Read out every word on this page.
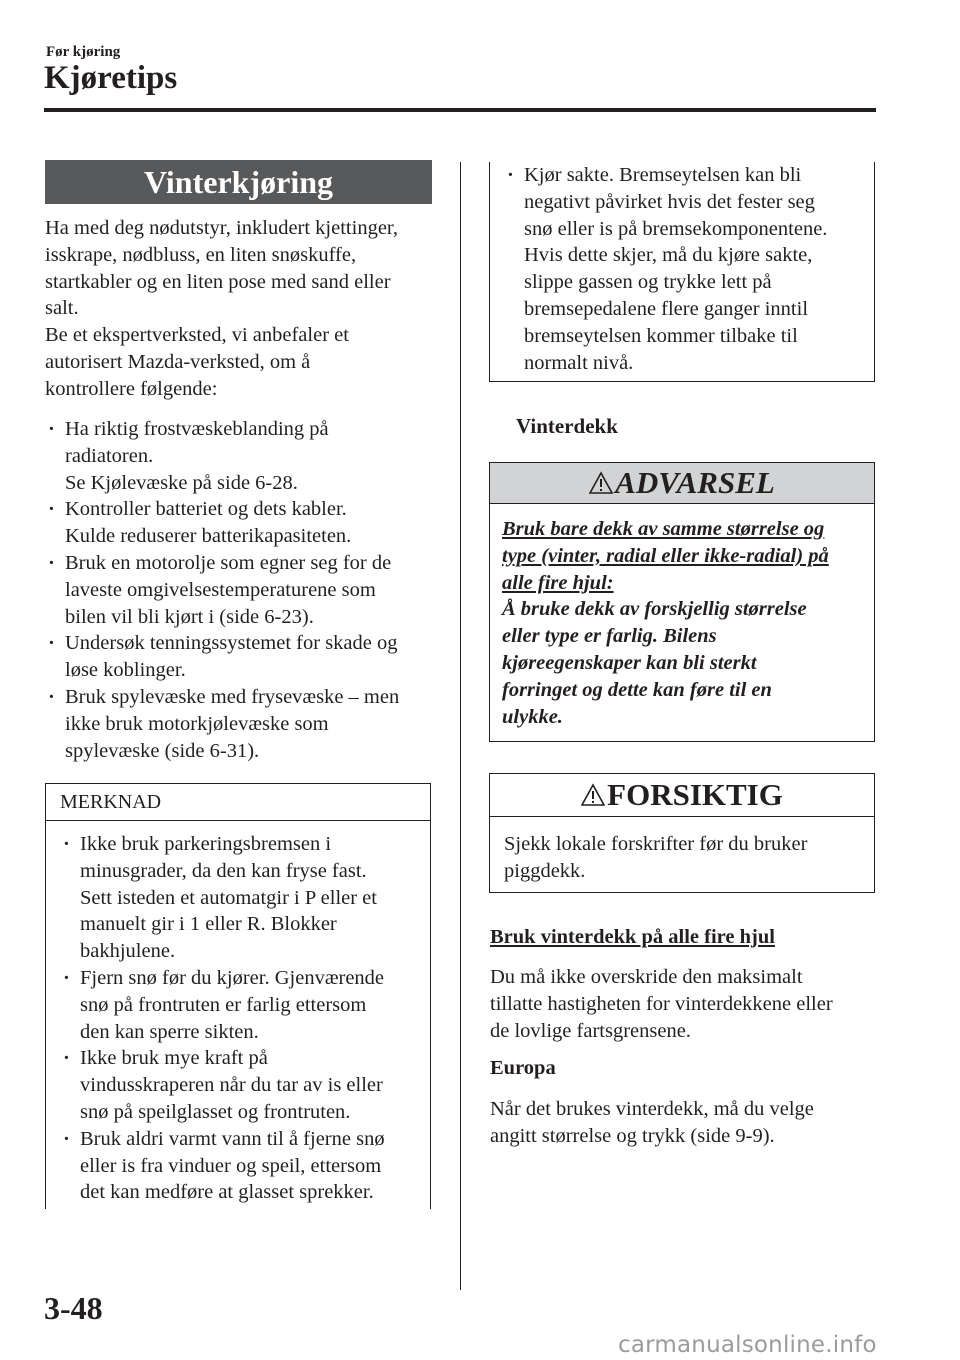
Før kjøring
Kjøretips
Vinterkjøring

Ha med deg nødutstyr, inkludert kjettinger,

isskrape, nødbluss, en liten snøskuffe,

startkabler og en liten pose med sand eller

salt.

Be et ekspertverksted, vi anbefaler et

autorisert Mazda-verksted, om å

kontrollere følgende:

· Ha riktig frostvæskeblanding på
radiatoren.
Se Kjølevæske på side 6-28.
· Kontroller batteriet og dets kabler.
Kulde reduserer batterikapasiteten.
· Bruk en motorolje som egner seg for de
laveste omgivelsestemperaturene som
bilen vil bli kjørt i (side 6-23).
· Undersøk tenningssystemet for skade og
løse koblinger.
· Bruk spylevæske med frysevæske – men
ikke bruk motorkjølevæske som
spylevæske (side 6-31).
MERKNAD
· Ikke bruk parkeringsbremsen i
minusgrader, da den kan fryse fast.
Sett isteden et automatgir i P eller et
manuelt gir i 1 eller R. Blokker
bakhjulene.
· Fjern snø før du kjører. Gjenværende
snø på frontruten er farlig ettersom
den kan sperre sikten.
· Ikke bruk mye kraft på
vindusskraperen når du tar av is eller
snø på speilglasset og frontruten.
· Bruk aldri varmt vann til å fjerne snø
eller is fra vinduer og speil, ettersom
det kan medføre at glasset sprekker.
· Kjør sakte. Bremseytelsen kan bli
negativt påvirket hvis det fester seg
snø eller is på bremsekomponentene.
Hvis dette skjer, må du kjøre sakte,
slippe gassen og trykke lett på
bremsepedalene flere ganger inntil
bremseytelsen kommer tilbake til
normalt nivå.
Vinterdekk
ADVARSEL
Bruk bare dekk av samme størrelse og
type (vinter, radial eller ikke-radial) på
alle fire hjul:
Å bruke dekk av forskjellig størrelse
eller type er farlig. Bilens
kjøreegenskaper kan bli sterkt
forringet og dette kan føre til en
ulykke.
FORSIKTIG
Sjekk lokale forskrifter før du bruker
piggdekk.
Bruk vinterdekk på alle fire hjul

Du må ikke overskride den maksimalt

tillatte hastigheten for vinterdekkene eller

de lovlige fartsgrensene.

Europa

Når det brukes vinterdekk, må du velge

angitt størrelse og trykk (side 9-9).

3-48
carmanualsonline.info
